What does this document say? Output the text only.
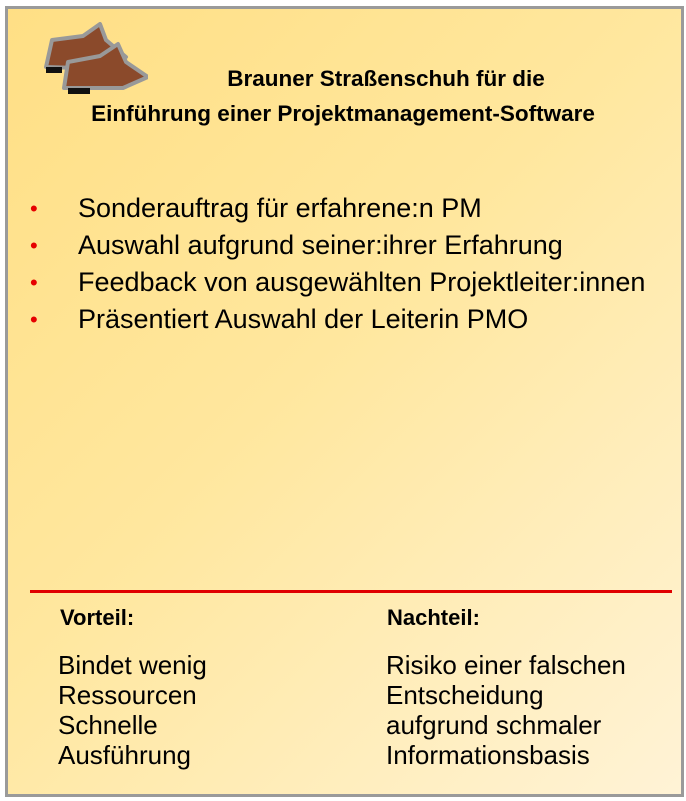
Brauner Straßenschuh für die
Einführung einer Projektmanagement-Software
• Sonderauftrag für erfahrene:n PM
• Auswahl aufgrund seiner:ihrer Erfahrung
• Feedback von ausgewählten Projektleiter:innen
• Präsentiert Auswahl der Leiterin PMO
Vorteil:	Nachteil:
Bindet wenig
Ressourcen
Schnelle
Ausführung
Risiko einer falschen
Entscheidung
aufgrund schmaler
Informationsbasis
